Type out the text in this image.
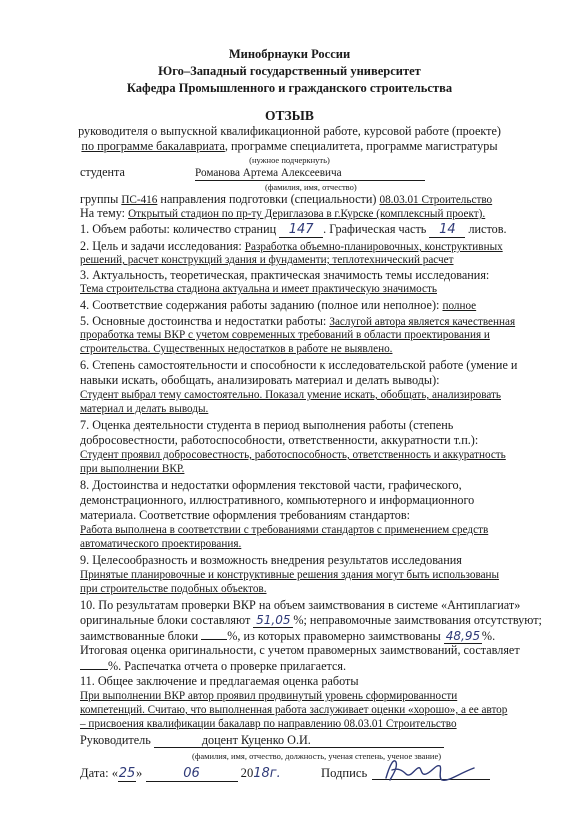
Минобрнауки России
Юго–Западный государственный университет
Кафедра Промышленного и гражданского строительства
ОТЗЫВ
руководителя о выпускной квалификационной работе, курсовой работе (проекте)
по программе бакалавриата, программе специалитета, программе магистратуры
(нужное подчеркнуть)
студента	Романова Артема Алексеевича
(фамилия, имя, отчество)
группы ПС-416 направления подготовки (специальности) 08.03.01 Строительство
На тему: Открытый стадион по пр-ту Дериглазова в г.Курске (комплексный проект).
1. Объем работы: количество страниц 147 . Графическая часть 14 листов.
2. Цель и задачи исследования: Разработка объемно-планировочных, конструктивных
решений, расчет конструкций здания и фундаменти; теплотехнический расчет
3. Актуальность, теоретическая, практическая значимость темы исследования:
Тема строительства стадиона актуальна и имеет практическую значимость
4. Соответствие содержания работы заданию (полное или неполное): полное
5. Основные достоинства и недостатки работы: Заслугой автора является качественная
проработка темы ВКР с учетом современных требований в области проектирования и
строительства. Существенных недостатков в работе не выявлено.
6. Степень самостоятельности и способности к исследовательской работе (умение и
навыки искать, обобщать, анализировать материал и делать выводы):
Студент выбрал тему самостоятельно. Показал умение искать, обобщать, анализировать
материал и делать выводы.
7. Оценка деятельности студента в период выполнения работы (степень
добросовестности, работоспособности, ответственности, аккуратности т.п.):
Студент проявил добросовестность, работоспособность, ответственность и аккуратность
при выполнении ВКР.
8. Достоинства и недостатки оформления текстовой части, графического,
демонстрационного, иллюстративного, компьютерного и информационного
материала. Соответствие оформления требованиям стандартов:
Работа выполнена в соответствии с требованиями стандартов с применением средств
автоматического проектирования.
9. Целесообразность и возможность внедрения результатов исследования
Принятые планировочные и конструктивные решения здания могут быть использованы
при строительстве подобных объектов.
10. По результатам проверки ВКР на объем заимствования в системе «Антиплагиат»
оригинальные блоки составляют 51,05 %; неправомочные заимствования отсутствуют;
заимствованные блоки %, из которых правомерно заимствованы 48,95 %.
Итоговая оценка оригинальности, с учетом правомерных заимствований, составляет
%. Распечатка отчета о проверке прилагается.
11. Общее заключение и предлагаемая оценка работы
При выполнении ВКР автор проявил продвинутый уровень сформированности
компетенций. Считаю, что выполненная работа заслуживает оценки «хорошо», а ее автор
– присвоения квалификации бакалавр по направлению 08.03.01 Строительство
Руководитель	доцент Куценко О.И.
(фамилия, имя, отчество, должность, ученая степень, ученое звание)
Дата: «25»	06	2018г.	Подпись
